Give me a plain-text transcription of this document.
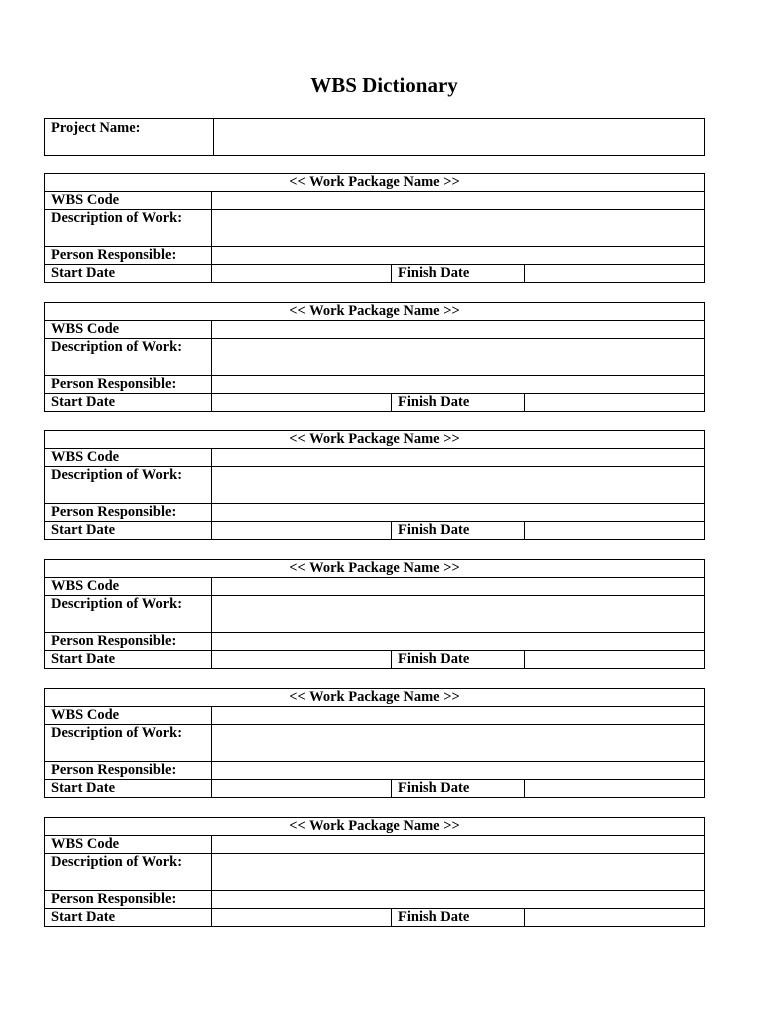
WBS Dictionary
Project Name:	
<< Work Package Name >>			
WBS Code			
Description of Work:			
Person Responsible:			
Start Date		Finish Date	
<< Work Package Name >>			
WBS Code			
Description of Work:			
Person Responsible:			
Start Date		Finish Date	
<< Work Package Name >>			
WBS Code			
Description of Work:			
Person Responsible:			
Start Date		Finish Date	
<< Work Package Name >>			
WBS Code			
Description of Work:			
Person Responsible:			
Start Date		Finish Date	
<< Work Package Name >>			
WBS Code			
Description of Work:			
Person Responsible:			
Start Date		Finish Date	
<< Work Package Name >>			
WBS Code			
Description of Work:			
Person Responsible:			
Start Date		Finish Date	
